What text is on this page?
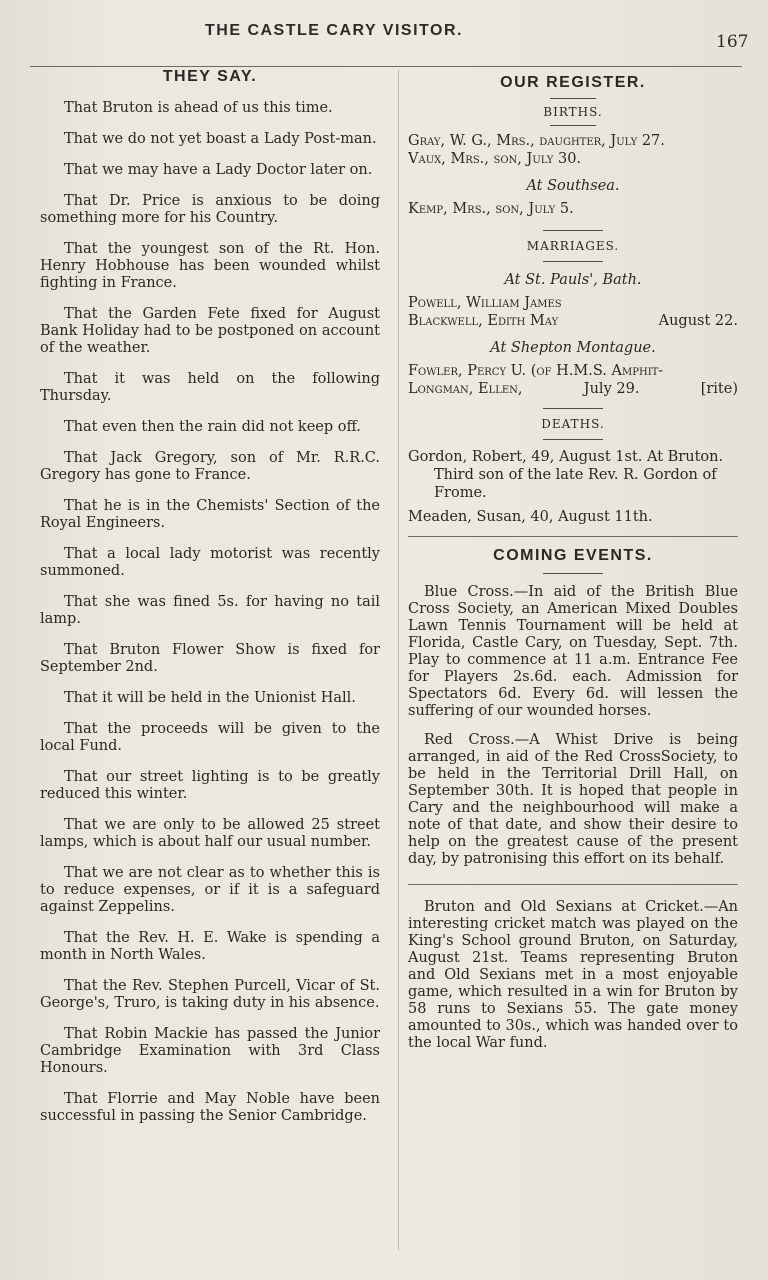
THE CASTLE CARY VISITOR.
167
THEY SAY.

That Bruton is ahead of us this time.

That we do not yet boast a Lady Post-man.

That we may have a Lady Doctor later on.

That Dr. Price is anxious to be doing something more for his Country.

That the youngest son of the Rt. Hon. Henry Hobhouse has been wounded whilst fighting in France.

That the Garden Fete fixed for August Bank Holiday had to be postponed on account of the weather.

That it was held on the following Thursday.

That even then the rain did not keep off.

That Jack Gregory, son of Mr. R.R.C. Gregory has gone to France.

That he is in the Chemists' Section of the Royal Engineers.

That a local lady motorist was recently summoned.

That she was fined 5s. for having no tail lamp.

That Bruton Flower Show is fixed for September 2nd.

That it will be held in the Unionist Hall.

That the proceeds will be given to the local Fund.

That our street lighting is to be greatly reduced this winter.

That we are only to be allowed 25 street lamps, which is about half our usual number.

That we are not clear as to whether this is to reduce expenses, or if it is a safeguard against Zeppelins.

That the Rev. H. E. Wake is spending a month in North Wales.

That the Rev. Stephen Purcell, Vicar of St. George's, Truro, is taking duty in his absence.

That Robin Mackie has passed the Junior Cambridge Examination with 3rd Class Honours.

That Florrie and May Noble have been successful in passing the Senior Cambridge.

OUR REGISTER.
BIRTHS.

Gray, W. G., Mrs., daughter, July 27.

Vaux, Mrs., son, July 30.

At Southsea.

Kemp, Mrs., son, July 5.

MARRIAGES.
At St. Pauls', Bath.

Powell, William James

Blackwell, Edith May	August 22.

At Shepton Montague.

Fowler, Percy U. (of H.M.S. Amphit-

Longman, Ellen,	July 29.	[rite)

DEATHS.

Gordon, Robert, 49, August 1st. At Bruton. Third son of the late Rev. R. Gordon of Frome.

Meaden, Susan, 40, August 11th.

COMING EVENTS.

Blue Cross.—In aid of the British Blue Cross Society, an American Mixed Doubles Lawn Tennis Tournament will be held at Florida, Castle Cary, on Tuesday, Sept. 7th. Play to commence at 11 a.m. Entrance Fee for Players 2s.6d. each. Admission for Spectators 6d. Every 6d. will lessen the suffering of our wounded horses.

Red Cross.—A Whist Drive is being arranged, in aid of the Red CrossSociety, to be held in the Territorial Drill Hall, on September 30th. It is hoped that people in Cary and the neighbourhood will make a note of that date, and show their desire to help on the greatest cause of the present day, by patronising this effort on its behalf.

Bruton and Old Sexians at Cricket.—An interesting cricket match was played on the King's School ground Bruton, on Saturday, August 21st. Teams representing Bruton and Old Sexians met in a most enjoyable game, which resulted in a win for Bruton by 58 runs to Sexians 55. The gate money amounted to 30s., which was handed over to the local War fund.
